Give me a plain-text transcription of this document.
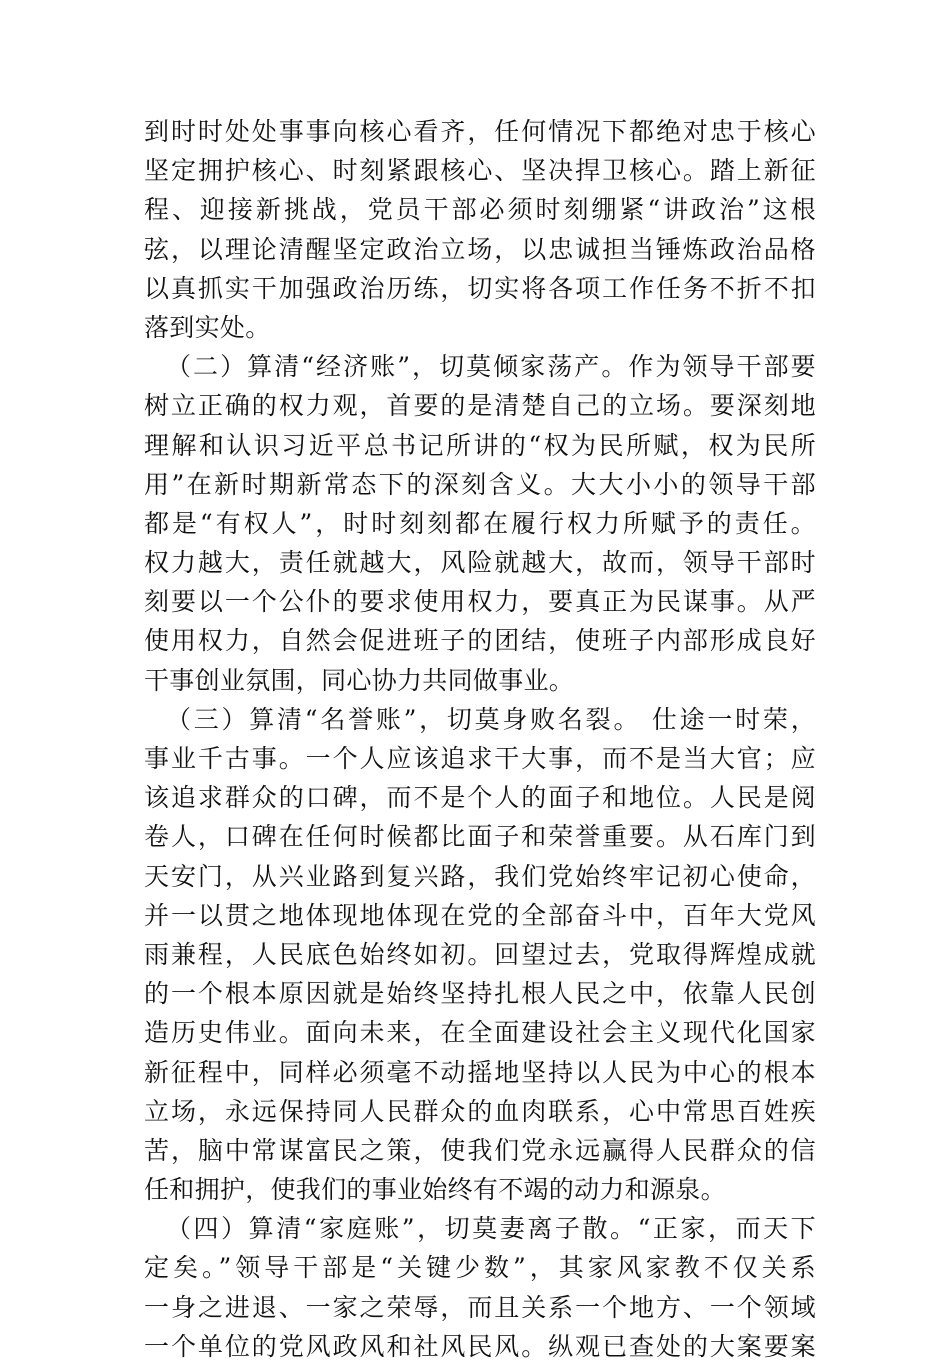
到时时处处事事向核心看齐，任何情况下都绝对忠于核心
坚定拥护核心、时刻紧跟核心、坚决捍卫核心。踏上新征
程、迎接新挑战，党员干部必须时刻绷紧“讲政治”这根
弦，以理论清醒坚定政治立场，以忠诚担当锤炼政治品格
以真抓实干加强政治历练，切实将各项工作任务不折不扣
落到实处。
（二）算清“经济账”，切莫倾家荡产。作为领导干部要
树立正确的权力观，首要的是清楚自己的立场。要深刻地
理解和认识习近平总书记所讲的“权为民所赋，权为民所
用”在新时期新常态下的深刻含义。大大小小的领导干部
都是“有权人”，时时刻刻都在履行权力所赋予的责任。
权力越大，责任就越大，风险就越大，故而，领导干部时
刻要以一个公仆的要求使用权力，要真正为民谋事。从严
使用权力，自然会促进班子的团结，使班子内部形成良好
干事创业氛围，同心协力共同做事业。
（三）算清“名誉账”，切莫身败名裂。 仕途一时荣，
事业千古事。一个人应该追求干大事，而不是当大官；应
该追求群众的口碑，而不是个人的面子和地位。人民是阅
卷人，口碑在任何时候都比面子和荣誉重要。从石库门到
天安门，从兴业路到复兴路，我们党始终牢记初心使命，
并一以贯之地体现地体现在党的全部奋斗中，百年大党风
雨兼程，人民底色始终如初。回望过去，党取得辉煌成就
的一个根本原因就是始终坚持扎根人民之中，依靠人民创
造历史伟业。面向未来，在全面建设社会主义现代化国家
新征程中，同样必须毫不动摇地坚持以人民为中心的根本
立场，永远保持同人民群众的血肉联系，心中常思百姓疾
苦，脑中常谋富民之策，使我们党永远赢得人民群众的信
任和拥护，使我们的事业始终有不竭的动力和源泉。
（四）算清“家庭账”，切莫妻离子散。“正家，而天下
定矣。”领导干部是“关键少数”，其家风家教不仅关系
一身之进退、一家之荣辱，而且关系一个地方、一个领域
一个单位的党风政风和社风民风。纵观已查处的大案要案
